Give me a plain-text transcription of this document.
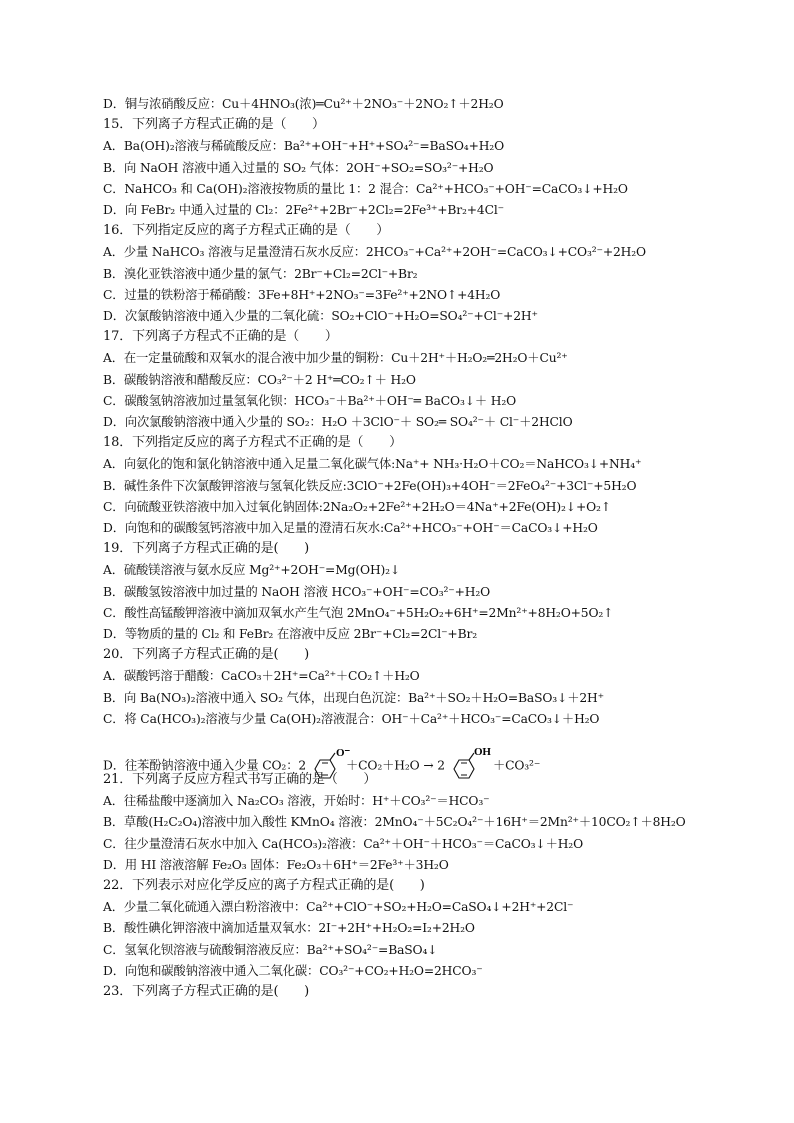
D．铜与浓硝酸反应：Cu＋4HNO₃(浓)═Cu²⁺＋2NO₃⁻＋2NO₂↑＋2H₂O
15．下列离子方程式正确的是（　　）
A．Ba(OH)₂溶液与稀硫酸反应：Ba²⁺+OH⁻+H⁺+SO₄²⁻=BaSO₄+H₂O
B．向 NaOH 溶液中通入过量的 SO₂ 气体：2OH⁻+SO₂=SO₃²⁻+H₂O
C．NaHCO₃ 和 Ca(OH)₂溶液按物质的量比 1：2 混合：Ca²⁺+HCO₃⁻+OH⁻=CaCO₃↓+H₂O
D．向 FeBr₂ 中通入过量的 Cl₂：2Fe²⁺+2Br⁻+2Cl₂=2Fe³⁺+Br₂+4Cl⁻
16．下列指定反应的离子方程式正确的是（　　）
A．少量 NaHCO₃ 溶液与足量澄清石灰水反应：2HCO₃⁻+Ca²⁺+2OH⁻=CaCO₃↓+CO₃²⁻+2H₂O
B．溴化亚铁溶液中通少量的氯气：2Br⁻+Cl₂=2Cl⁻+Br₂
C．过量的铁粉溶于稀硝酸：3Fe+8H⁺+2NO₃⁻=3Fe²⁺+2NO↑+4H₂O
D．次氯酸钠溶液中通入少量的二氧化硫：SO₂+ClO⁻+H₂O=SO₄²⁻+Cl⁻+2H⁺
17．下列离子方程式不正确的是（　　）
A．在一定量硫酸和双氧水的混合液中加少量的铜粉：Cu＋2H⁺＋H₂O₂═2H₂O＋Cu²⁺
B．碳酸钠溶液和醋酸反应：CO₃²⁻＋2 H⁺═CO₂↑＋ H₂O
C．碳酸氢钠溶液加过量氢氧化钡：HCO₃⁻＋Ba²⁺＋OH⁻═ BaCO₃↓＋ H₂O
D．向次氯酸钠溶液中通入少量的 SO₂：H₂O ＋3ClO⁻＋ SO₂═ SO₄²⁻＋ Cl⁻＋2HClO
18．下列指定反应的离子方程式不正确的是（　　）
A．向氨化的饱和氯化钠溶液中通入足量二氧化碳气体:Na⁺+ NH₃·H₂O＋CO₂＝NaHCO₃↓+NH₄⁺
B．碱性条件下次氯酸钾溶液与氢氧化铁反应:3ClO⁻+2Fe(OH)₃+4OH⁻＝2FeO₄²⁻+3Cl⁻+5H₂O
C．向硫酸亚铁溶液中加入过氧化钠固体:2Na₂O₂+2Fe²⁺+2H₂O＝4Na⁺+2Fe(OH)₂↓+O₂↑
D．向饱和的碳酸氢钙溶液中加入足量的澄清石灰水:Ca²⁺+HCO₃⁻+OH⁻＝CaCO₃↓+H₂O
19．下列离子方程式正确的是(　　)
A．硫酸镁溶液与氨水反应 Mg²⁺+2OH⁻=Mg(OH)₂↓
B．碳酸氢铵溶液中加过量的 NaOH 溶液 HCO₃⁻+OH⁻=CO₃²⁻+H₂O
C．酸性高锰酸钾溶液中滴加双氧水产生气泡 2MnO₄⁻+5H₂O₂+6H⁺=2Mn²⁺+8H₂O+5O₂↑
D．等物质的量的 Cl₂ 和 FeBr₂ 在溶液中反应 2Br⁻+Cl₂=2Cl⁻+Br₂
20．下列离子方程式正确的是(　　)
A．碳酸钙溶于醋酸：CaCO₃＋2H⁺=Ca²⁺＋CO₂↑＋H₂O
B．向 Ba(NO₃)₂溶液中通入 SO₂ 气体，出现白色沉淀：Ba²⁺＋SO₂＋H₂O=BaSO₃↓＋2H⁺
C．将 Ca(HCO₃)₂溶液与少量 Ca(OH)₂溶液混合：OH⁻＋Ca²⁺＋HCO₃⁻=CaCO₃↓＋H₂O
21．下列离子反应方程式书写正确的是（　　）
A．往稀盐酸中逐滴加入 Na₂CO₃ 溶液，开始时：H⁺＋CO₃²⁻＝HCO₃⁻
B．草酸(H₂C₂O₄)溶液中加入酸性 KMnO₄ 溶液：2MnO₄⁻＋5C₂O₄²⁻＋16H⁺＝2Mn²⁺＋10CO₂↑＋8H₂O
C．往少量澄清石灰水中加入 Ca(HCO₃)₂溶液：Ca²⁺＋OH⁻＋HCO₃⁻＝CaCO₃↓＋H₂O
D．用 HI 溶液溶解 Fe₂O₃ 固体：Fe₂O₃＋6H⁺＝2Fe³⁺＋3H₂O
22．下列表示对应化学反应的离子方程式正确的是(　　)
A．少量二氧化硫通入漂白粉溶液中：Ca²⁺+ClO⁻+SO₂+H₂O=CaSO₄↓+2H⁺+2Cl⁻
B．酸性碘化钾溶液中滴加适量双氧水：2I⁻+2H⁺+H₂O₂=I₂+2H₂O
C．氢氧化钡溶液与硫酸铜溶液反应：Ba²⁺+SO₄²⁻=BaSO₄↓
D．向饱和碳酸钠溶液中通入二氧化碳：CO₃²⁻+CO₂+H₂O=2HCO₃⁻
23．下列离子方程式正确的是(　　)
D．往苯酚钠溶液中通入少量 CO₂：2
O⁻
＋CO₂＋H₂O → 2
OH
＋CO₃²⁻
